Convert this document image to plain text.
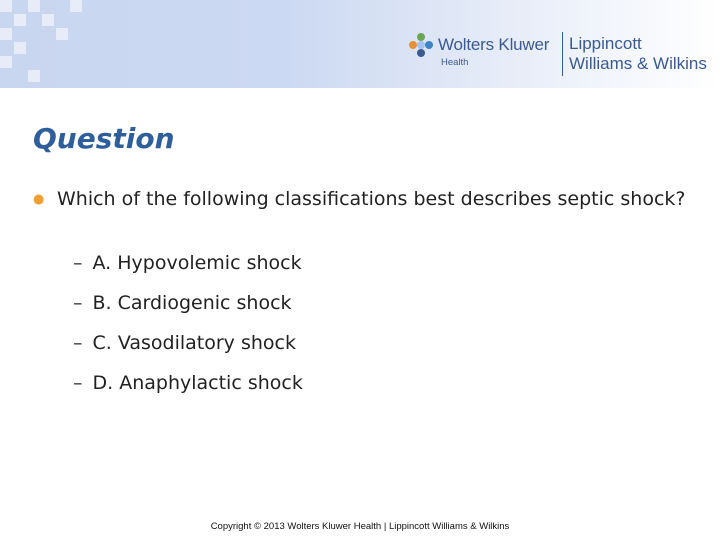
Wolters Kluwer
Health
Lippincott
Williams & Wilkins
Question
● Which of the following classifications best describes septic shock?
– A. Hypovolemic shock
– B. Cardiogenic shock
– C. Vasodilatory shock
– D. Anaphylactic shock
Copyright © 2013 Wolters Kluwer Health | Lippincott Williams & Wilkins
